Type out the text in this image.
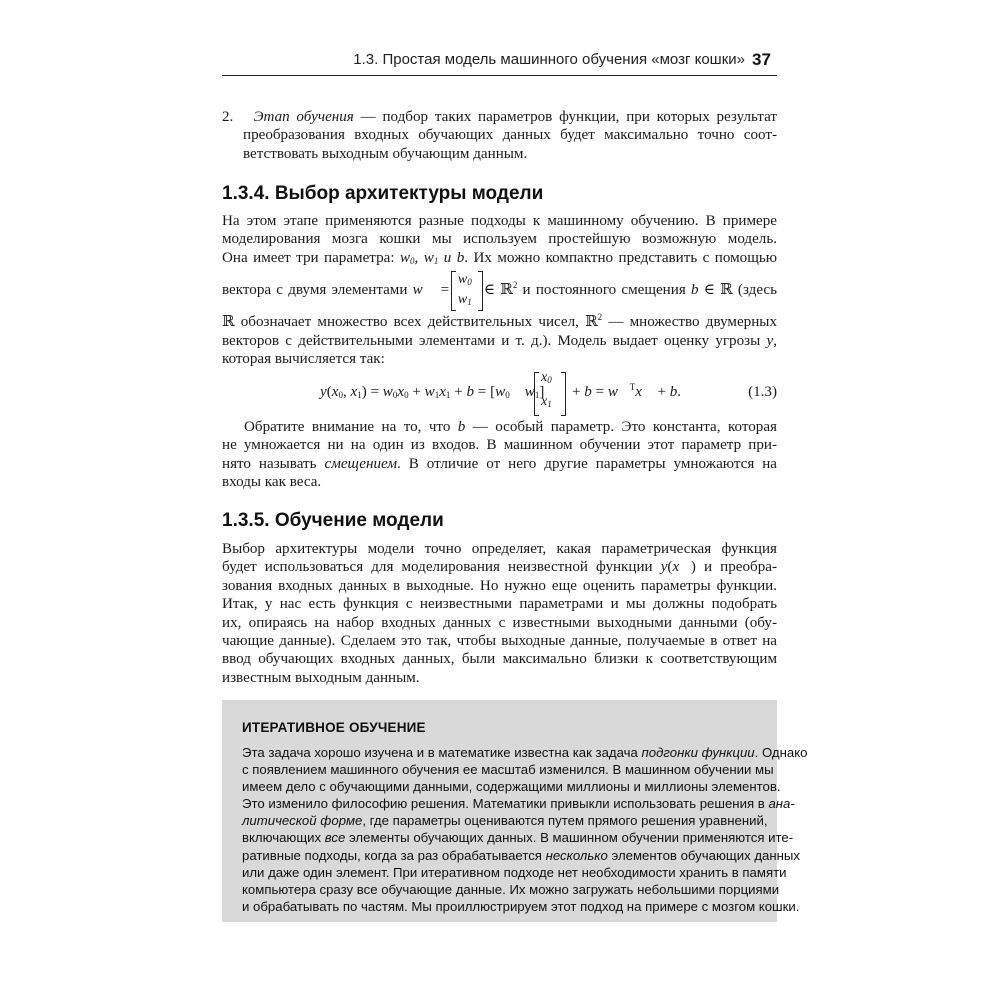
1.3. Простая модель машинного обучения «мозг кошки» 37
2. Этап обучения — подбор таких параметров функции, при которых результат
преобразования входных обучающих данных будет максимально точно соот-
ветствовать выходным обучающим данным.
1.3.4. Выбор архитектуры модели
На этом этапе применяются разные подходы к машинному обучению. В примере
моделирования мозга кошки мы используем простейшую возможную модель.
Она имеет три параметра: $w_0$, $w_1$ и b. Их можно компактно представить с помощью
вектора с двумя элементами w⃗ =
$w_0$
$w_1$
∈ ℝ$^2$ и постоянного смещения b ∈ ℝ (здесь
ℝ обозначает множество всех действительных чисел, ℝ$^2$ — множество двумерных
векторов с действительными элементами и т. д.). Модель выдает оценку угрозы y,
которая вычисляется так:
$y(x_0$, $x_1) = w_0x_0 + w_1x_1 + b = [w_0$ $w_1$]
$x_0$
$x_1$
+ b = w⃗$^T$x⃗ + b.	(1.3)
Обратите внимание на то, что b — особый параметр. Это константа, которая
не умножается ни на один из входов. В машинном обучении этот параметр при-
нято называть смещением. В отличие от него другие параметры умножаются на
входы как веса.
1.3.5. Обучение модели
Выбор архитектуры модели точно определяет, какая параметрическая функция
будет использоваться для моделирования неизвестной функции y(x⃗) и преобра-
зования входных данных в выходные. Но нужно еще оценить параметры функции.
Итак, у нас есть функция с неизвестными параметрами и мы должны подобрать
их, опираясь на набор входных данных с известными выходными данными (обу-
чающие данные). Сделаем это так, чтобы выходные данные, получаемые в ответ на
ввод обучающих входных данных, были максимально близки к соответствующим
известным выходным данным.
ИТЕРАТИВНОЕ ОБУЧЕНИЕ
Эта задача хорошо изучена и в математике известна как задача подгонки функции. Однако
с появлением машинного обучения ее масштаб изменился. В машинном обучении мы
имеем дело с обучающими данными, содержащими миллионы и миллионы элементов.
Это изменило философию решения. Математики привыкли использовать решения в ана-
литической форме, где параметры оцениваются путем прямого решения уравнений,
включающих все элементы обучающих данных. В машинном обучении применяются ите-
ративные подходы, когда за раз обрабатывается несколько элементов обучающих данных
или даже один элемент. При итеративном подходе нет необходимости хранить в памяти
компьютера сразу все обучающие данные. Их можно загружать небольшими порциями
и обрабатывать по частям. Мы проиллюстрируем этот подход на примере с мозгом кошки.
